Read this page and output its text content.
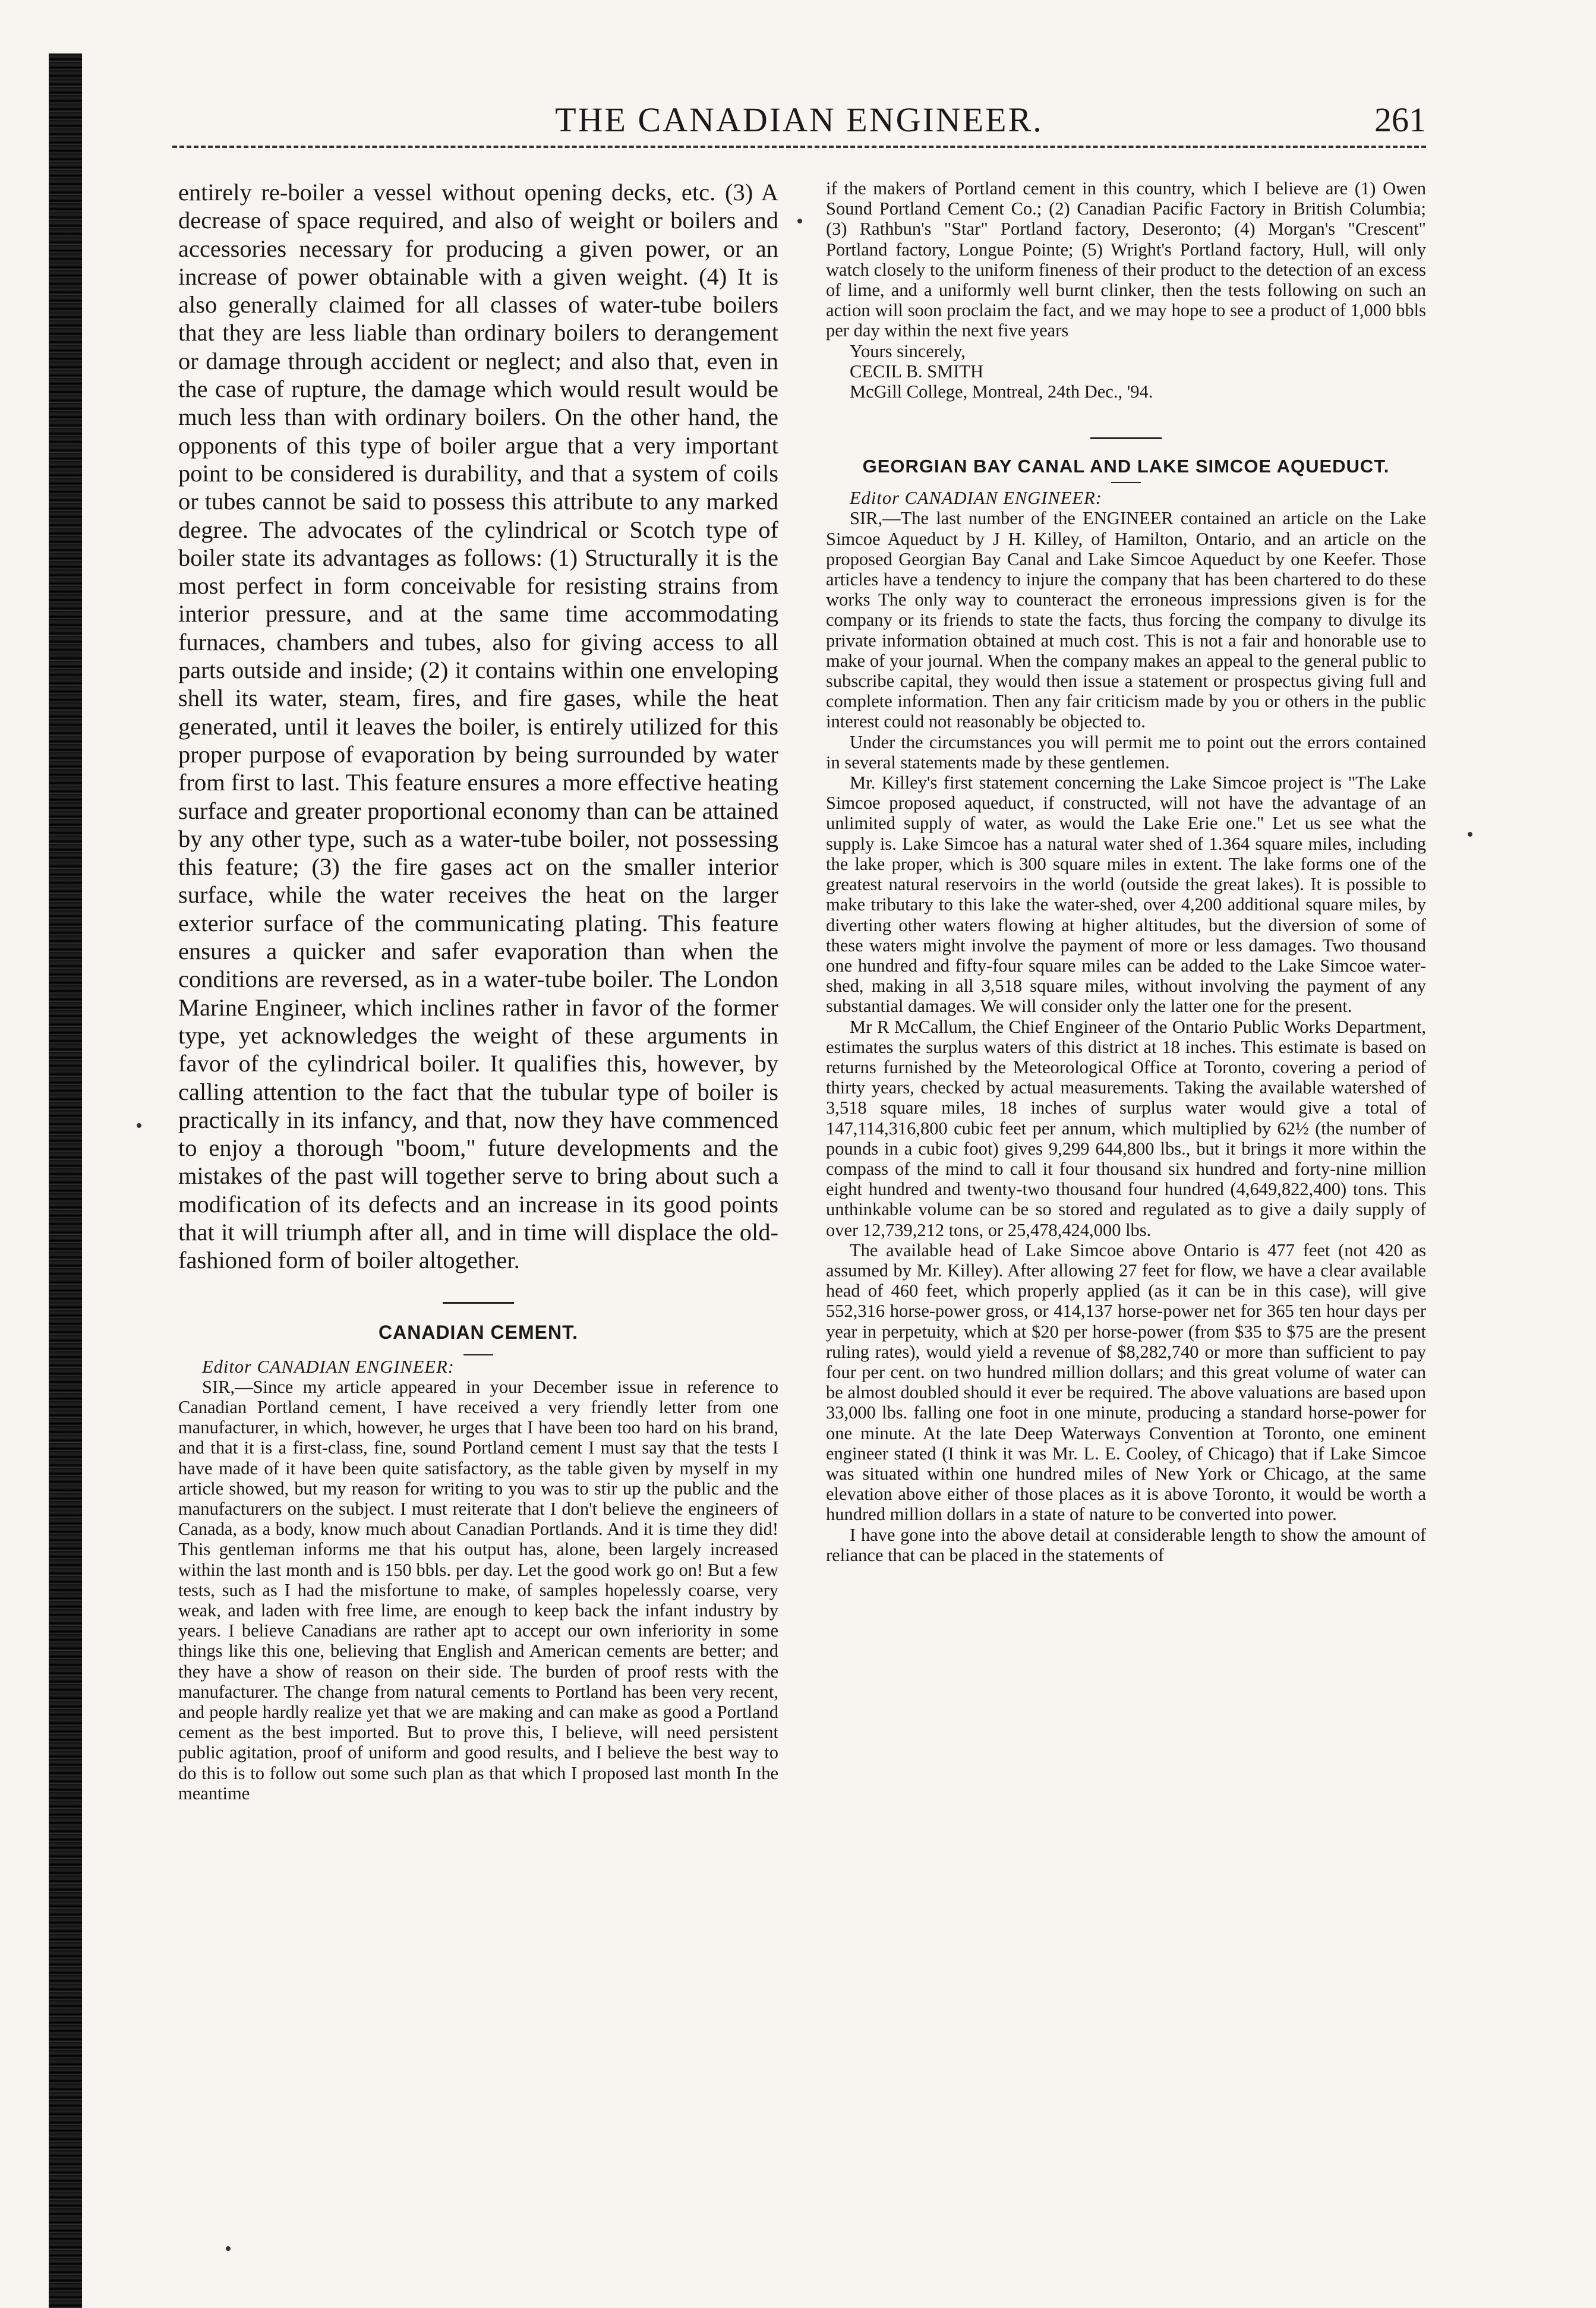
THE CANADIAN ENGINEER.	261

entirely re-boiler a vessel without opening decks, etc. (3) A decrease of space required, and also of weight or boilers and accessories necessary for producing a given power, or an increase of power obtainable with a given weight. (4) It is also generally claimed for all classes of water-tube boilers that they are less liable than ordinary boilers to derangement or damage through accident or neglect; and also that, even in the case of rupture, the damage which would result would be much less than with ordinary boilers. On the other hand, the opponents of this type of boiler argue that a very important point to be considered is durability, and that a system of coils or tubes cannot be said to possess this attribute to any marked degree. The advocates of the cylindrical or Scotch type of boiler state its advantages as follows: (1) Structurally it is the most perfect in form conceivable for resisting strains from interior pressure, and at the same time accommodating furnaces, chambers and tubes, also for giving access to all parts outside and inside; (2) it contains within one enveloping shell its water, steam, fires, and fire gases, while the heat generated, until it leaves the boiler, is entirely utilized for this proper purpose of evaporation by being surrounded by water from first to last. This feature ensures a more effective heating surface and greater proportional economy than can be attained by any other type, such as a water-tube boiler, not possessing this feature; (3) the fire gases act on the smaller interior surface, while the water receives the heat on the larger exterior surface of the communicating plating. This feature ensures a quicker and safer evaporation than when the conditions are reversed, as in a water-tube boiler. The London Marine Engineer, which inclines rather in favor of the former type, yet acknowledges the weight of these arguments in favor of the cylindrical boiler. It qualifies this, however, by calling attention to the fact that the tubular type of boiler is practically in its infancy, and that, now they have commenced to enjoy a thorough "boom," future developments and the mistakes of the past will together serve to bring about such a modification of its defects and an increase in its good points that it will triumph after all, and in time will displace the old-fashioned form of boiler altogether.

CANADIAN CEMENT.

Editor CANADIAN ENGINEER:

SIR,—Since my article appeared in your December issue in reference to Canadian Portland cement, I have received a very friendly letter from one manufacturer, in which, however, he urges that I have been too hard on his brand, and that it is a first-class, fine, sound Portland cement I must say that the tests I have made of it have been quite satisfactory, as the table given by myself in my article showed, but my reason for writing to you was to stir up the public and the manufacturers on the subject. I must reiterate that I don't believe the engineers of Canada, as a body, know much about Canadian Portlands. And it is time they did! This gentleman informs me that his output has, alone, been largely increased within the last month and is 150 bbls. per day. Let the good work go on! But a few tests, such as I had the misfortune to make, of samples hopelessly coarse, very weak, and laden with free lime, are enough to keep back the infant industry by years. I believe Canadians are rather apt to accept our own inferiority in some things like this one, believing that English and American cements are better; and they have a show of reason on their side. The burden of proof rests with the manufacturer. The change from natural cements to Portland has been very recent, and people hardly realize yet that we are making and can make as good a Portland cement as the best imported. But to prove this, I believe, will need persistent public agitation, proof of uniform and good results, and I believe the best way to do this is to follow out some such plan as that which I proposed last month In the meantime

if the makers of Portland cement in this country, which I believe are (1) Owen Sound Portland Cement Co.; (2) Canadian Pacific Factory in British Columbia; (3) Rathbun's "Star" Portland factory, Deseronto; (4) Morgan's "Crescent" Portland factory, Longue Pointe; (5) Wright's Portland factory, Hull, will only watch closely to the uniform fineness of their product to the detection of an excess of lime, and a uniformly well burnt clinker, then the tests following on such an action will soon proclaim the fact, and we may hope to see a product of 1,000 bbls per day within the next five years

Yours sincerely,

CECIL B. SMITH

McGill College, Montreal, 24th Dec., '94.

GEORGIAN BAY CANAL AND LAKE SIMCOE AQUEDUCT.

Editor CANADIAN ENGINEER:

SIR,—The last number of the ENGINEER contained an article on the Lake Simcoe Aqueduct by J H. Killey, of Hamilton, Ontario, and an article on the proposed Georgian Bay Canal and Lake Simcoe Aqueduct by one Keefer. Those articles have a tendency to injure the company that has been chartered to do these works The only way to counteract the erroneous impressions given is for the company or its friends to state the facts, thus forcing the company to divulge its private information obtained at much cost. This is not a fair and honorable use to make of your journal. When the company makes an appeal to the general public to subscribe capital, they would then issue a statement or prospectus giving full and complete information. Then any fair criticism made by you or others in the public interest could not reasonably be objected to.

Under the circumstances you will permit me to point out the errors contained in several statements made by these gentlemen.

Mr. Killey's first statement concerning the Lake Simcoe project is "The Lake Simcoe proposed aqueduct, if constructed, will not have the advantage of an unlimited supply of water, as would the Lake Erie one." Let us see what the supply is. Lake Simcoe has a natural water shed of 1.364 square miles, including the lake proper, which is 300 square miles in extent. The lake forms one of the greatest natural reservoirs in the world (outside the great lakes). It is possible to make tributary to this lake the water-shed, over 4,200 additional square miles, by diverting other waters flowing at higher altitudes, but the diversion of some of these waters might involve the payment of more or less damages. Two thousand one hundred and fifty-four square miles can be added to the Lake Simcoe water-shed, making in all 3,518 square miles, without involving the payment of any substantial damages. We will consider only the latter one for the present.

Mr R McCallum, the Chief Engineer of the Ontario Public Works Department, estimates the surplus waters of this district at 18 inches. This estimate is based on returns furnished by the Meteorological Office at Toronto, covering a period of thirty years, checked by actual measurements. Taking the available watershed of 3,518 square miles, 18 inches of surplus water would give a total of 147,114,316,800 cubic feet per annum, which multiplied by 62½ (the number of pounds in a cubic foot) gives 9,299 644,800 lbs., but it brings it more within the compass of the mind to call it four thousand six hundred and forty-nine million eight hundred and twenty-two thousand four hundred (4,649,822,400) tons. This unthinkable volume can be so stored and regulated as to give a daily supply of over 12,739,212 tons, or 25,478,424,000 lbs.

The available head of Lake Simcoe above Ontario is 477 feet (not 420 as assumed by Mr. Killey). After allowing 27 feet for flow, we have a clear available head of 460 feet, which properly applied (as it can be in this case), will give 552,316 horse-power gross, or 414,137 horse-power net for 365 ten hour days per year in perpetuity, which at $20 per horse-power (from $35 to $75 are the present ruling rates), would yield a revenue of $8,282,740 or more than sufficient to pay four per cent. on two hundred million dollars; and this great volume of water can be almost doubled should it ever be required. The above valuations are based upon 33,000 lbs. falling one foot in one minute, producing a standard horse-power for one minute. At the late Deep Waterways Convention at Toronto, one eminent engineer stated (I think it was Mr. L. E. Cooley, of Chicago) that if Lake Simcoe was situated within one hundred miles of New York or Chicago, at the same elevation above either of those places as it is above Toronto, it would be worth a hundred million dollars in a state of nature to be converted into power.

I have gone into the above detail at considerable length to show the amount of reliance that can be placed in the statements of
